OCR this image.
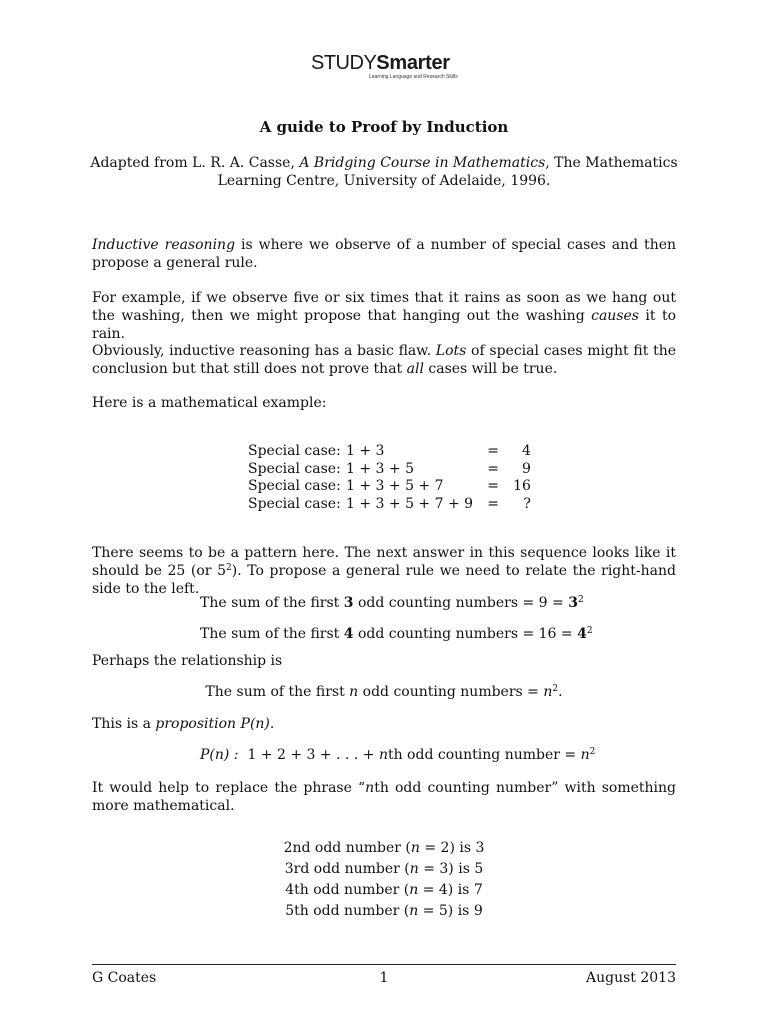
STUDYSmarter
Learning Language and Research Skills
A guide to Proof by Induction
Adapted from L. R. A. Casse, A Bridging Course in Mathematics, The Mathematics
Learning Centre, University of Adelaide, 1996.
Inductive reasoning is where we observe of a number of special cases and then propose a general rule.
For example, if we observe five or six times that it rains as soon as we hang out the washing, then we might propose that hanging out the washing causes it to rain.
Obviously, inductive reasoning has a basic flaw. Lots of special cases might fit the conclusion but that still does not prove that all cases will be true.
Here is a mathematical example:
Special case:	1 + 3	=	4
Special case:	1 + 3 + 5	=	9
Special case:	1 + 3 + 5 + 7	=	16
Special case:	1 + 3 + 5 + 7 + 9	=	?
There seems to be a pattern here. The next answer in this sequence looks like it should be 25 (or $5^2$). To propose a general rule we need to relate the right-hand side to the left.
The sum of the first 3 odd counting numbers = $9 = 3^2$
The sum of the first 4 odd counting numbers = $16 = 4^2$
Perhaps the relationship is
The sum of the first n odd counting numbers = $n^2$.
This is a proposition P(n).
P(n) : 1 + 2 + 3 + . . . + nth odd counting number = $n^2$
It would help to replace the phrase “nth odd counting number” with something more mathematical.
2nd odd number (n = 2) is 3
3rd odd number (n = 3) is 5
4th odd number (n = 4) is 7
5th odd number (n = 5) is 9
G Coates	1	August 2013
